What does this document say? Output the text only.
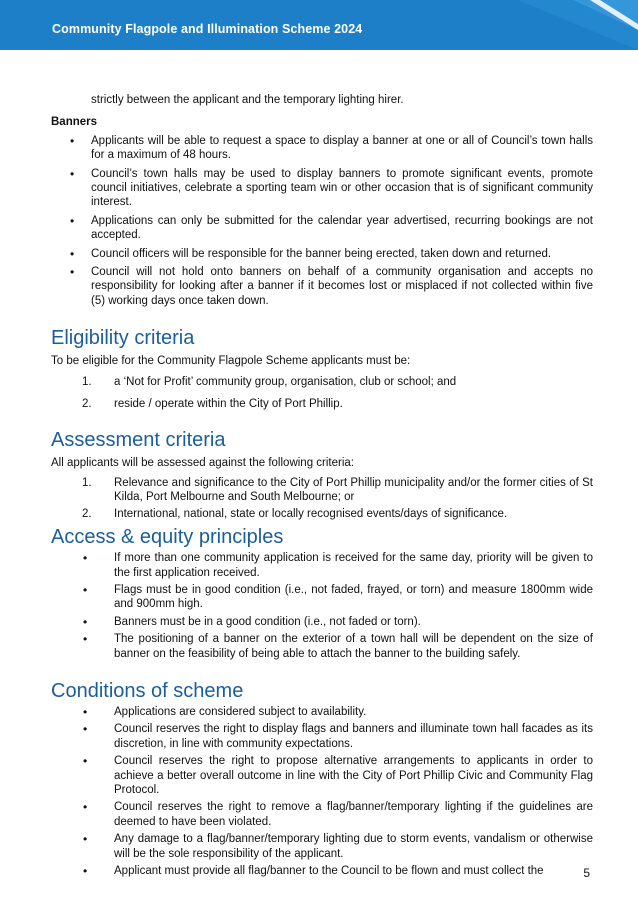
Community Flagpole and Illumination Scheme 2024

strictly between the applicant and the temporary lighting hirer.

Banners

• Applicants will be able to request a space to display a banner at one or all of Council’s town halls for a maximum of 48 hours.
• Council’s town halls may be used to display banners to promote significant events, promote council initiatives, celebrate a sporting team win or other occasion that is of significant community interest.
• Applications can only be submitted for the calendar year advertised, recurring bookings are not accepted.
• Council officers will be responsible for the banner being erected, taken down and returned.
• Council will not hold onto banners on behalf of a community organisation and accepts no responsibility for looking after a banner if it becomes lost or misplaced if not collected within five (5) working days once taken down.
Eligibility criteria

To be eligible for the Community Flagpole Scheme applicants must be:

1. a ‘Not for Profit’ community group, organisation, club or school; and
2. reside / operate within the City of Port Phillip.
Assessment criteria

All applicants will be assessed against the following criteria:

1. Relevance and significance to the City of Port Phillip municipality and/or the former cities of St Kilda, Port Melbourne and South Melbourne; or
2. International, national, state or locally recognised events/days of significance.
Access & equity principles
• If more than one community application is received for the same day, priority will be given to the first application received.
• Flags must be in good condition (i.e., not faded, frayed, or torn) and measure 1800mm wide and 900mm high.
• Banners must be in a good condition (i.e., not faded or torn).
• The positioning of a banner on the exterior of a town hall will be dependent on the size of banner on the feasibility of being able to attach the banner to the building safely.
Conditions of scheme
• Applications are considered subject to availability.
• Council reserves the right to display flags and banners and illuminate town hall facades as its discretion, in line with community expectations.
• Council reserves the right to propose alternative arrangements to applicants in order to achieve a better overall outcome in line with the City of Port Phillip Civic and Community Flag Protocol.
• Council reserves the right to remove a flag/banner/temporary lighting if the guidelines are deemed to have been violated.
• Any damage to a flag/banner/temporary lighting due to storm events, vandalism or otherwise will be the sole responsibility of the applicant.
• Applicant must provide all flag/banner to the Council to be flown and must collect the	5
